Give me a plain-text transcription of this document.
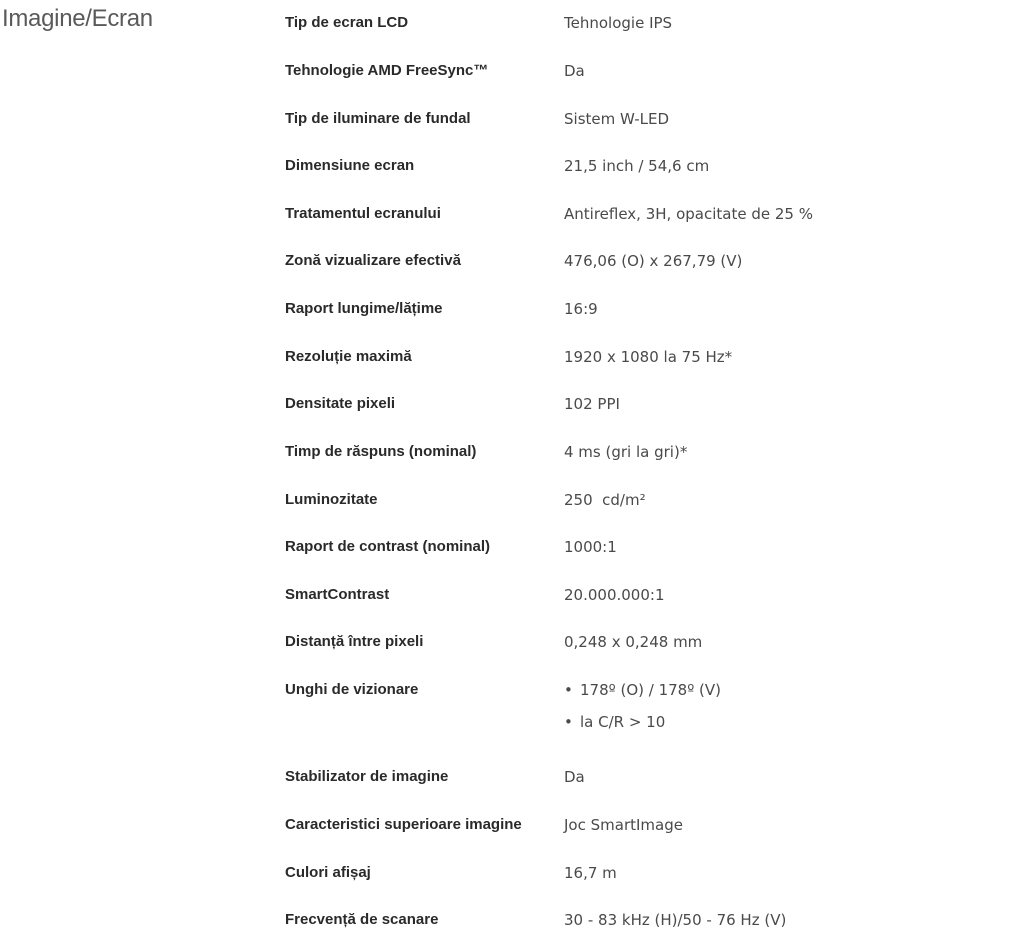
Imagine/Ecran	Tip de ecran LCD	Tehnologie IPS
Tehnologie AMD FreeSync™	Da
Tip de iluminare de fundal	Sistem W-LED
Dimensiune ecran	21,5 inch / 54,6 cm
Tratamentul ecranului	Antireflex, 3H, opacitate de 25 %
Zonă vizualizare efectivă	476,06 (O) x 267,79 (V)
Raport lungime/lățime	16:9
Rezoluție maximă	1920 x 1080 la 75 Hz*
Densitate pixeli	102 PPI
Timp de răspuns (nominal)	4 ms (gri la gri)*
Luminozitate	250  cd/m²
Raport de contrast (nominal)	1000:1
SmartContrast	20.000.000:1
Distanță între pixeli	0,248 x 0,248 mm
Unghi de vizionare	• 178º (O) / 178º (V)
• la C/R > 10
Stabilizator de imagine	Da
Caracteristici superioare imagine	Joc SmartImage
Culori afișaj	16,7 m
Frecvență de scanare	30 - 83 kHz (H)/50 - 76 Hz (V)
